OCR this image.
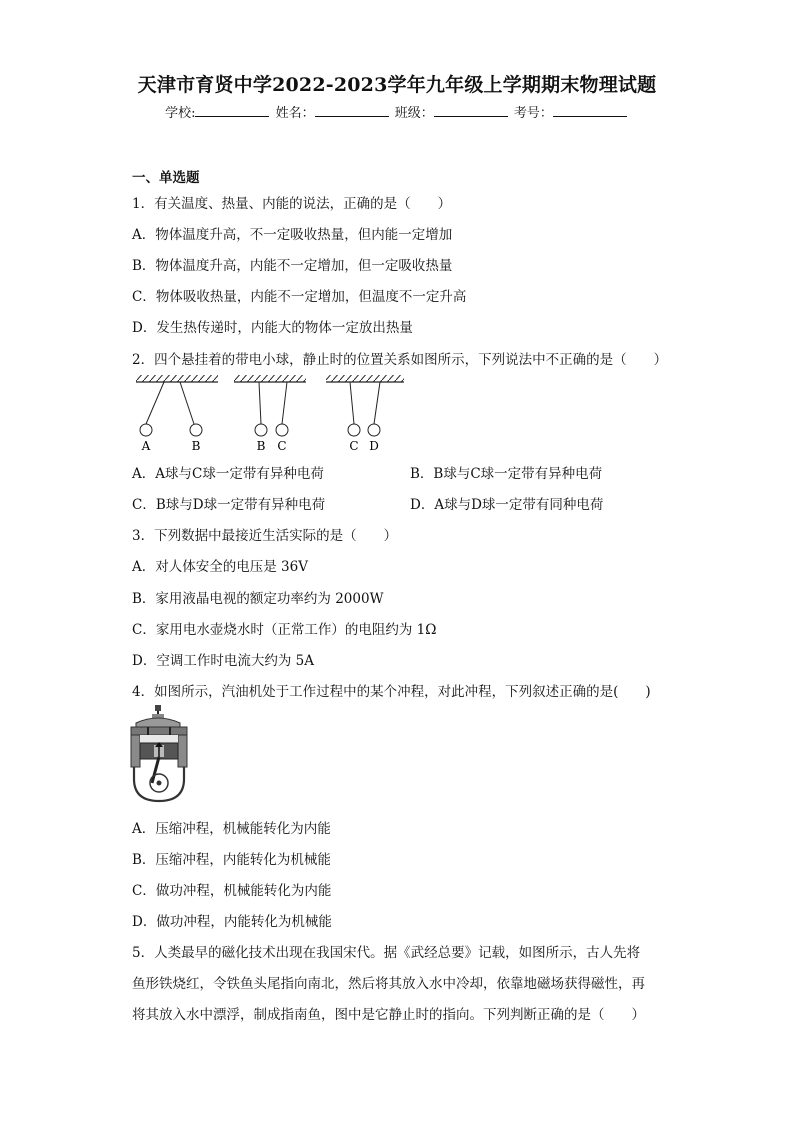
天津市育贤中学2022-2023学年九年级上学期期末物理试题
学校:	姓名：	班级：	考号：
一、单选题
1．有关温度、热量、内能的说法，正确的是（　　）
A．物体温度升高，不一定吸收热量，但内能一定增加
B．物体温度升高，内能不一定增加，但一定吸收热量
C．物体吸收热量，内能不一定增加，但温度不一定升高
D．发生热传递时，内能大的物体一定放出热量
2．四个悬挂着的带电小球，静止时的位置关系如图所示，下列说法中不正确的是（　　）
A	B	B C	C D
A．A球与C球一定带有异种电荷	B．B球与C球一定带有异种电荷
C．B球与D球一定带有异种电荷	D．A球与D球一定带有同种电荷
3．下列数据中最接近生活实际的是（　　）
A．对人体安全的电压是 36V
B．家用液晶电视的额定功率约为 2000W
C．家用电水壶烧水时（正常工作）的电阻约为 1Ω
D．空调工作时电流大约为 5A
4．如图所示，汽油机处于工作过程中的某个冲程，对此冲程，下列叙述正确的是(　　)
A．压缩冲程，机械能转化为内能
B．压缩冲程，内能转化为机械能
C．做功冲程，机械能转化为内能
D．做功冲程，内能转化为机械能
5．人类最早的磁化技术出现在我国宋代。据《武经总要》记载，如图所示，古人先将
鱼形铁烧红，令铁鱼头尾指向南北，然后将其放入水中冷却，依靠地磁场获得磁性，再
将其放入水中漂浮，制成指南鱼，图中是它静止时的指向。下列判断正确的是（　　）
